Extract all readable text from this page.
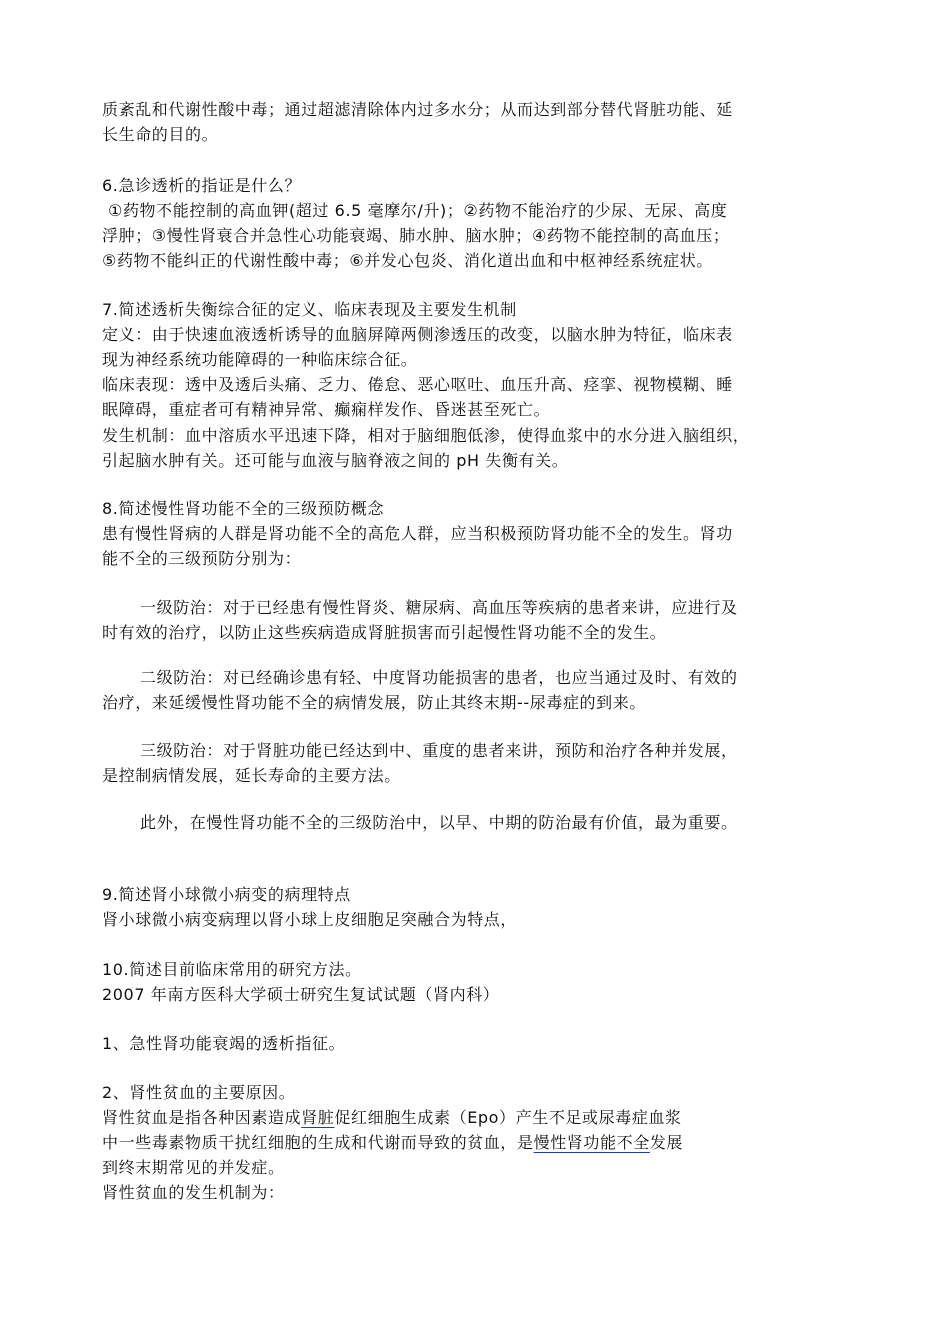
质紊乱和代谢性酸中毒；通过超滤清除体内过多水分；从而达到部分替代肾脏功能、延
长生命的目的。
6.急诊透析的指证是什么？
①药物不能控制的高血钾(超过 6.5 毫摩尔/升)；②药物不能治疗的少尿、无尿、高度
浮肿；③慢性肾衰合并急性心功能衰竭、肺水肿、脑水肿；④药物不能控制的高血压；
⑤药物不能纠正的代谢性酸中毒；⑥并发心包炎、消化道出血和中枢神经系统症状。
7.简述透析失衡综合征的定义、临床表现及主要发生机制
定义：由于快速血液透析诱导的血脑屏障两侧渗透压的改变，以脑水肿为特征，临床表
现为神经系统功能障碍的一种临床综合征。
临床表现：透中及透后头痛、乏力、倦怠、恶心呕吐、血压升高、痉挛、视物模糊、睡
眠障碍，重症者可有精神异常、癫痫样发作、昏迷甚至死亡。
发生机制：血中溶质水平迅速下降，相对于脑细胞低渗，使得血浆中的水分进入脑组织，
引起脑水肿有关。还可能与血液与脑脊液之间的 pH 失衡有关。
8.简述慢性肾功能不全的三级预防概念
患有慢性肾病的人群是肾功能不全的高危人群，应当积极预防肾功能不全的发生。肾功
能不全的三级预防分别为：
一级防治：对于已经患有慢性肾炎、糖尿病、高血压等疾病的患者来讲，应进行及
时有效的治疗，以防止这些疾病造成肾脏损害而引起慢性肾功能不全的发生。
二级防治：对已经确诊患有轻、中度肾功能损害的患者，也应当通过及时、有效的
治疗，来延缓慢性肾功能不全的病情发展，防止其终末期--尿毒症的到来。
三级防治：对于肾脏功能已经达到中、重度的患者来讲，预防和治疗各种并发展，
是控制病情发展，延长寿命的主要方法。
此外，在慢性肾功能不全的三级防治中，以早、中期的防治最有价值，最为重要。
9.简述肾小球微小病变的病理特点
肾小球微小病变病理以肾小球上皮细胞足突融合为特点，
10.简述目前临床常用的研究方法。
2007 年南方医科大学硕士研究生复试试题（肾内科）
1、急性肾功能衰竭的透析指征。
2、肾性贫血的主要原因。
肾性贫血是指各种因素造成肾脏促红细胞生成素（Epo）产生不足或尿毒症血浆
中一些毒素物质干扰红细胞的生成和代谢而导致的贫血，是慢性肾功能不全发展
到终末期常见的并发症。
肾性贫血的发生机制为：
